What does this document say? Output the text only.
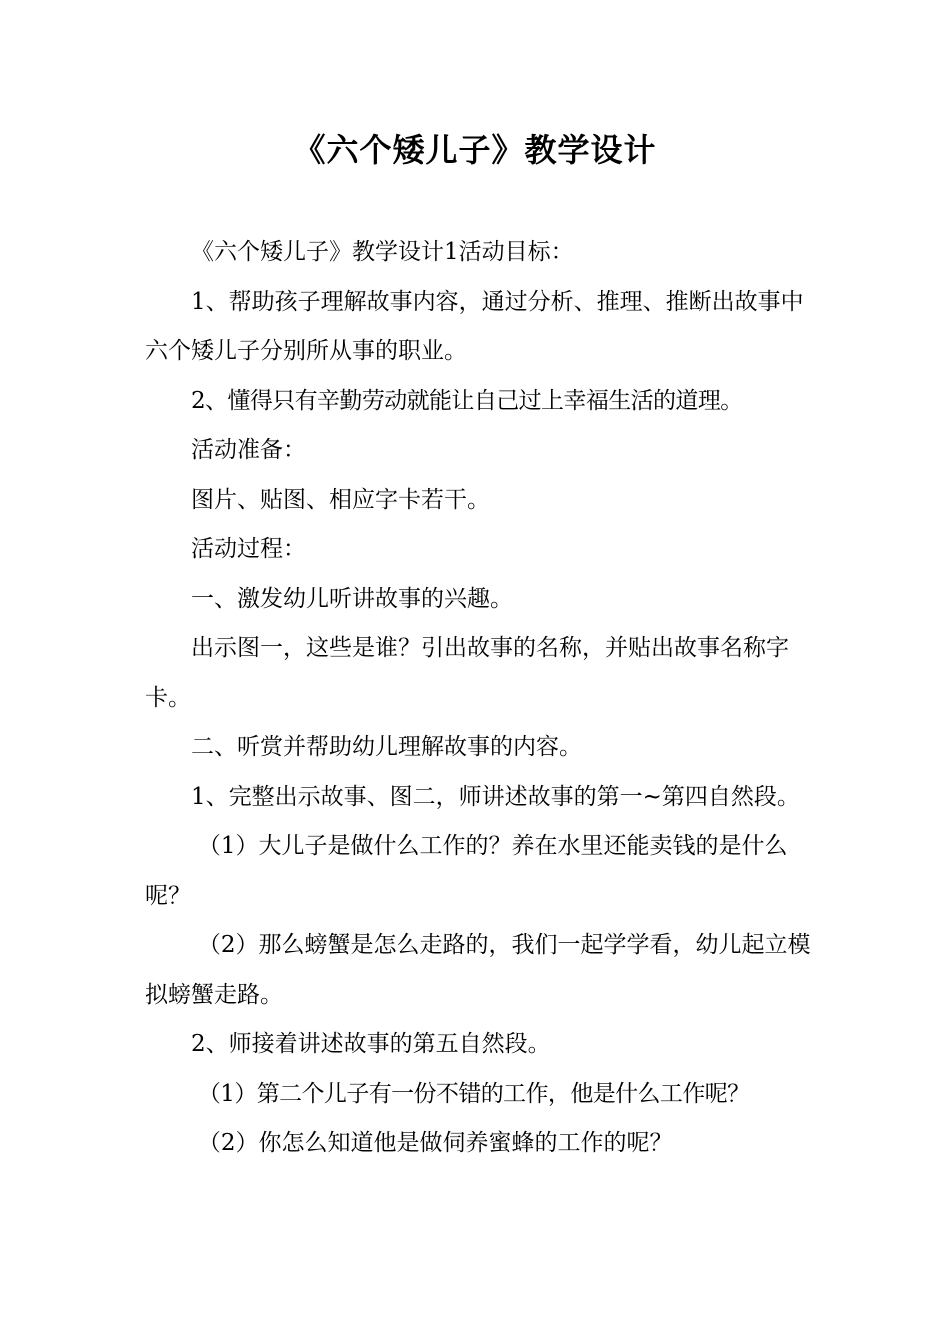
《六个矮儿子》教学设计

《六个矮儿子》教学设计1活动目标：

1、帮助孩子理解故事内容，通过分析、推理、推断出故事中六个矮儿子分别所从事的职业。

2、懂得只有辛勤劳动就能让自己过上幸福生活的道理。

活动准备：

图片、贴图、相应字卡若干。

活动过程：

一、激发幼儿听讲故事的兴趣。

出示图一，这些是谁？引出故事的名称，并贴出故事名称字卡。

二、听赏并帮助幼儿理解故事的内容。

1、完整出示故事、图二，师讲述故事的第一~第四自然段。

（1）大儿子是做什么工作的？养在水里还能卖钱的是什么呢？

（2）那么螃蟹是怎么走路的，我们一起学学看，幼儿起立模拟螃蟹走路。

2、师接着讲述故事的第五自然段。

（1）第二个儿子有一份不错的工作，他是什么工作呢？

（2）你怎么知道他是做伺养蜜蜂的工作的呢？
